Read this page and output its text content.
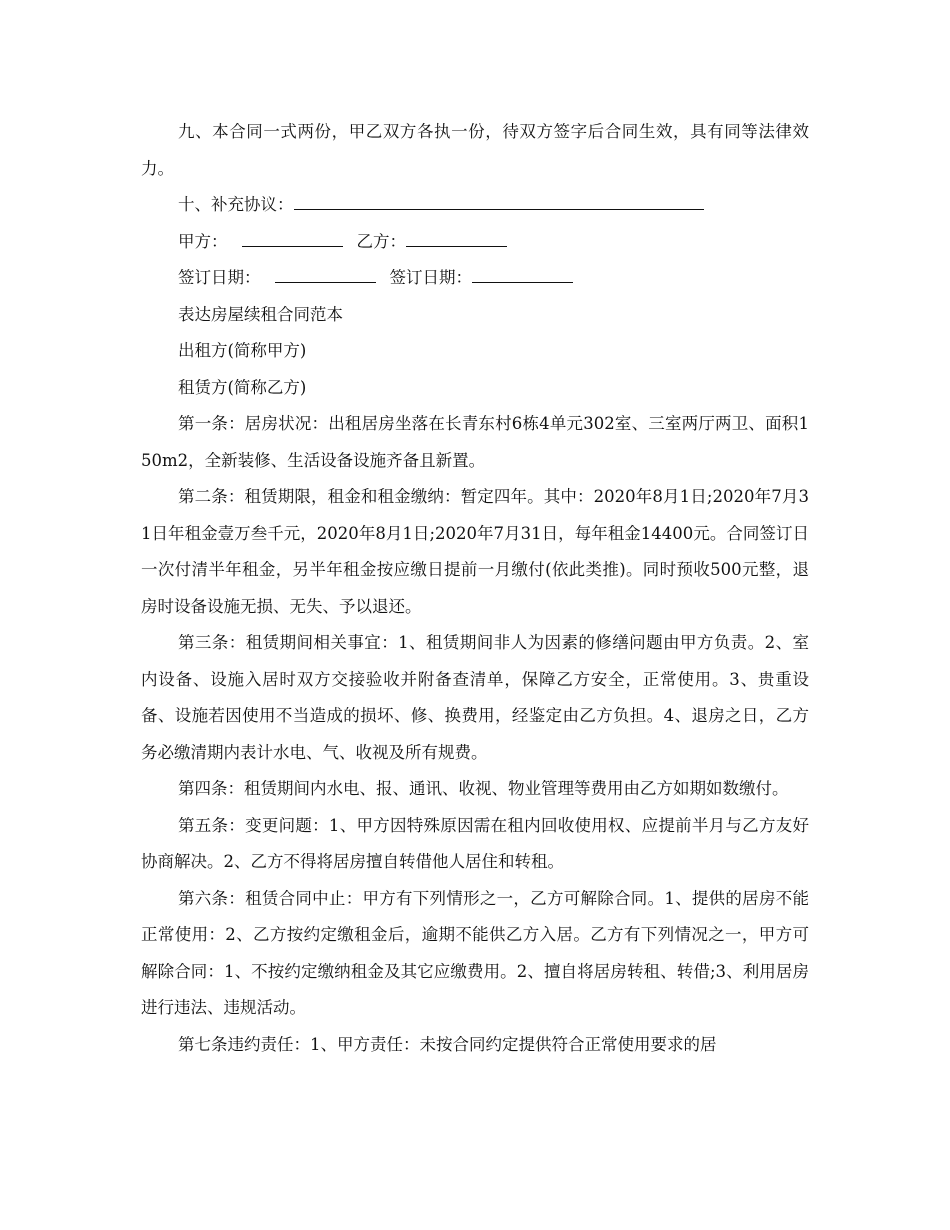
九、本合同一式两份，甲乙双方各执一份，待双方签字后合同生效，具有同等法律效力。

十、补充协议：

甲方：	乙方：

签订日期：	签订日期：

表达房屋续租合同范本

出租方(简称甲方)

租赁方(简称乙方)

第一条：居房状况：出租居房坐落在长青东村6栋4单元302室、三室两厅两卫、面积150m2，全新装修、生活设备设施齐备且新置。

第二条：租赁期限，租金和租金缴纳：暂定四年。其中：2020年8月1日;2020年7月31日年租金壹万叁千元，2020年8月1日;2020年7月31日，每年租金14400元。合同签订日一次付清半年租金，另半年租金按应缴日提前一月缴付(依此类推)。同时预收500元整，退房时设备设施无损、无失、予以退还。

第三条：租赁期间相关事宜：1、租赁期间非人为因素的修缮问题由甲方负责。2、室内设备、设施入居时双方交接验收并附备查清单，保障乙方安全，正常使用。3、贵重设备、设施若因使用不当造成的损坏、修、换费用，经鉴定由乙方负担。4、退房之日，乙方务必缴清期内表计水电、气、收视及所有规费。

第四条：租赁期间内水电、报、通讯、收视、物业管理等费用由乙方如期如数缴付。

第五条：变更问题：1、甲方因特殊原因需在租内回收使用权、应提前半月与乙方友好协商解决。2、乙方不得将居房擅自转借他人居住和转租。

第六条：租赁合同中止：甲方有下列情形之一，乙方可解除合同。1、提供的居房不能正常使用：2、乙方按约定缴租金后，逾期不能供乙方入居。乙方有下列情况之一，甲方可解除合同：1、不按约定缴纳租金及其它应缴费用。2、擅自将居房转租、转借;3、利用居房进行违法、违规活动。

第七条违约责任：1、甲方责任：未按合同约定提供符合正常使用要求的居
